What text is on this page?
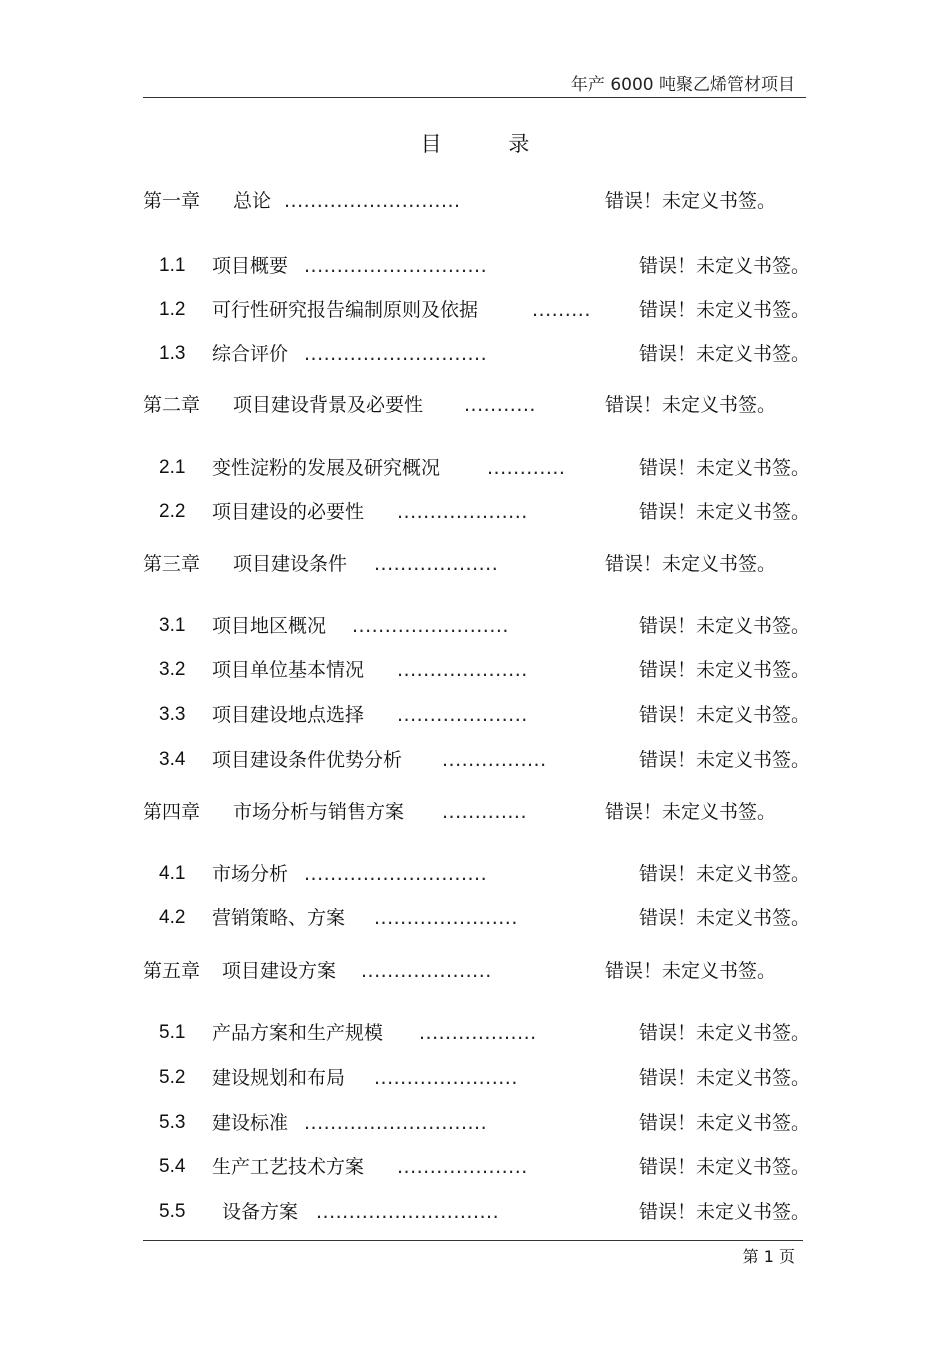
年产 6000 吨聚乙烯管材项目
目          录
第一章 总论 ...........................	错误！未定义书签。
1.1 项目概要 ............................	错误！未定义书签。
1.2 可行性研究报告编制原则及依据	.........	错误！未定义书签。
1.3 综合评价 ............................	错误！未定义书签。
第二章 项目建设背景及必要性 ...........	错误！未定义书签。
2.1 变性淀粉的发展及研究概况 ............	错误！未定义书签。
2.2 项目建设的必要性 ....................	错误！未定义书签。
第三章 项目建设条件 ...................	错误！未定义书签。
3.1 项目地区概况 ........................	错误！未定义书签。
3.2 项目单位基本情况 ....................	错误！未定义书签。
3.3 项目建设地点选择 ....................	错误！未定义书签。
3.4 项目建设条件优势分析 ................	错误！未定义书签。
第四章 市场分析与销售方案 .............	错误！未定义书签。
4.1 市场分析 ............................	错误！未定义书签。
4.2 营销策略、方案 ......................	错误！未定义书签。
第五章 项目建设方案 ....................	错误！未定义书签。
5.1 产品方案和生产规模 ..................	错误！未定义书签。
5.2 建设规划和布局 ......................	错误！未定义书签。
5.3 建设标准 ............................	错误！未定义书签。
5.4 生产工艺技术方案 ....................	错误！未定义书签。
5.5 设备方案 ............................	错误！未定义书签。
第 1 页
